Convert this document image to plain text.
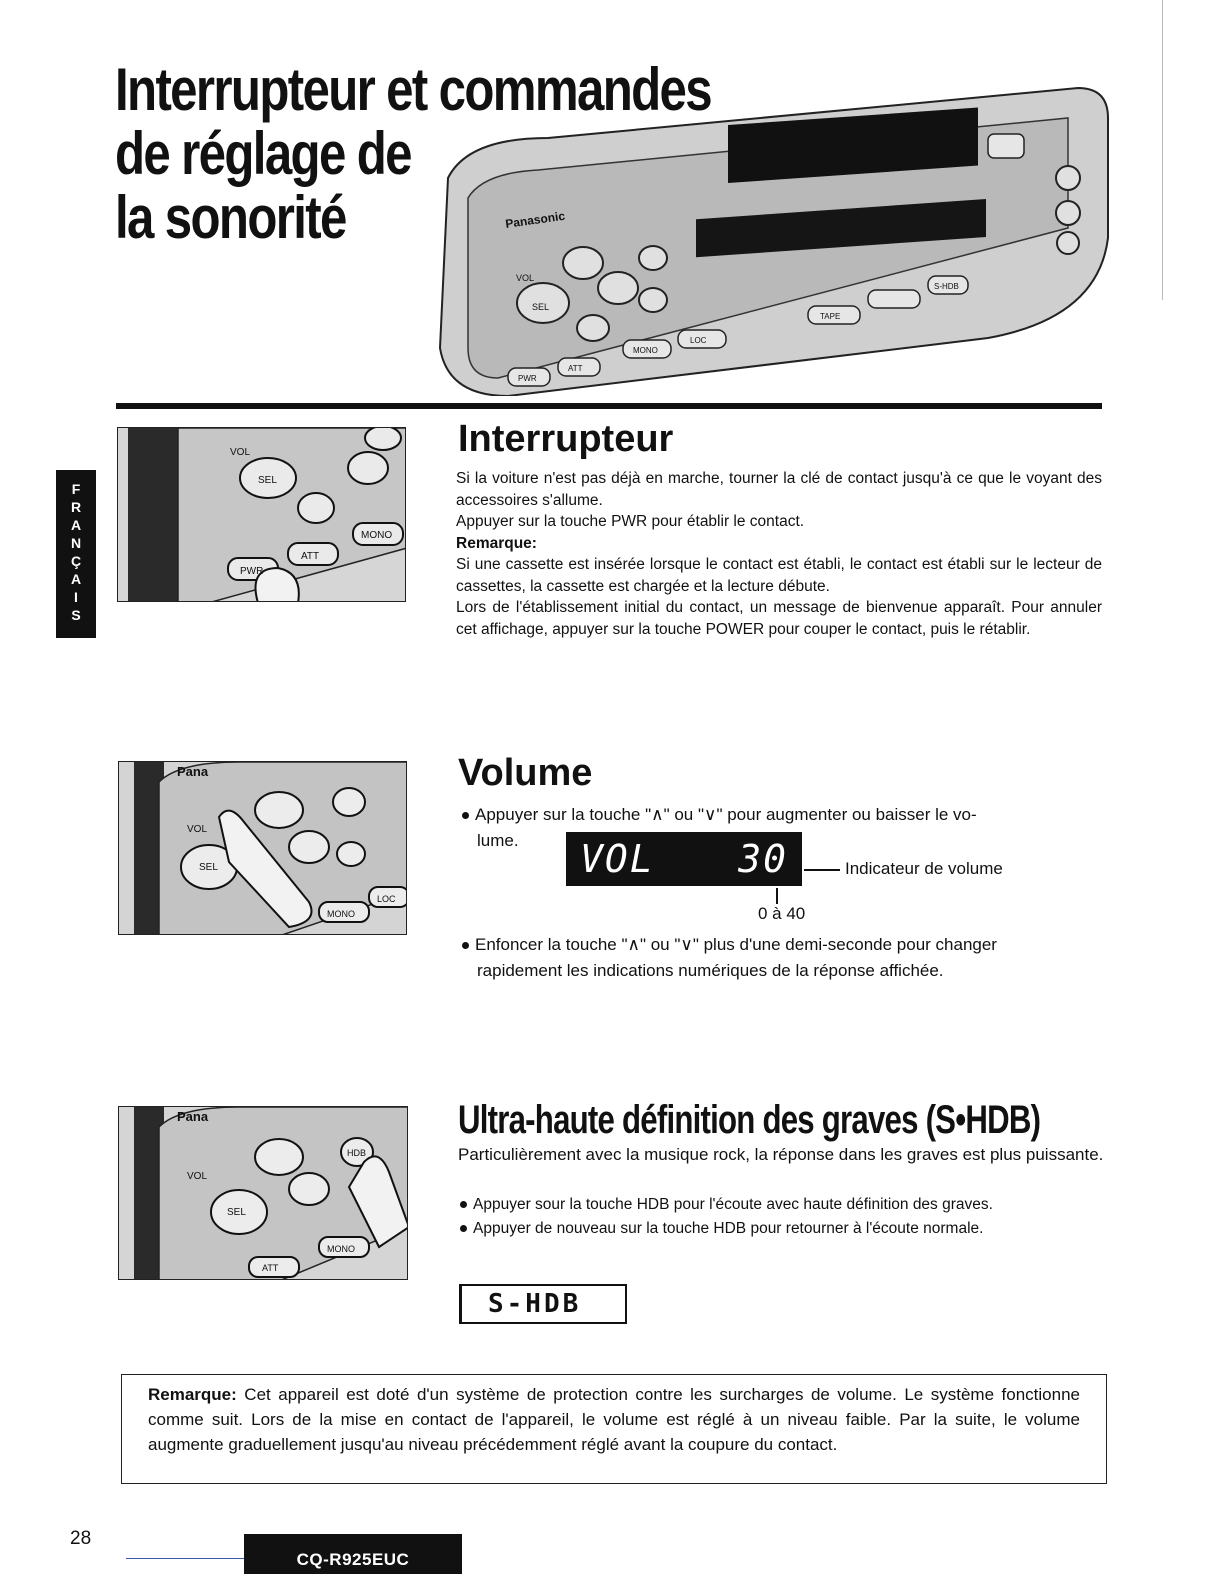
Interrupteur et commandes
de réglage de
la sonorité	Panasonic
VOL
SEL
PWR
ATT
MONO
LOC
TAPE
S-HDB
F
R
A
N
Ç
A
I
S
VOL
SEL
PWR
ATT
MONO
Interrupteur

Si la voiture n'est pas déjà en marche, tourner la clé de contact jusqu'à ce que le voyant des accessoires s'allume.

Appuyer sur la touche PWR pour établir le contact.

Remarque:

Si une cassette est insérée lorsque le contact est établi, le contact est établi sur le lecteur de cassettes, la cassette est chargée et la lecture débute.

Lors de l'établissement initial du contact, un message de bienvenue apparaît. Pour annuler cet affichage, appuyer sur la touche POWER pour couper le contact, puis le rétablir.

Pana
VOL
SEL
MONO
LOC
Volume
Appuyer sur la touche "∧" ou "∨" pour augmenter ou baisser le vo-
lume. VOL 30	Indicateur de volume
0 à 40
Enfoncer la touche "∧" ou "∨" plus d'une demi-seconde pour changer
rapidement les indications numériques de la réponse affichée.
Pana
VOL
SEL
HDB
ATT
MONO
Ultra-haute définition des graves (S•HDB)
Particulièrement avec la musique rock, la réponse dans les graves est plus puissante.
Appuyer sour la touche HDB pour l'écoute avec haute définition des graves.
Appuyer de nouveau sur la touche HDB pour retourner à l'écoute normale.
S-HDB
Remarque: Cet appareil est doté d'un système de protection contre les surcharges de volume. Le système fonctionne comme suit. Lors de la mise en contact de l'appareil, le volume est réglé à un niveau faible. Par la suite, le volume augmente graduellement jusqu'au niveau précédemment réglé avant la coupure du contact.
28
CQ-R925EUC
